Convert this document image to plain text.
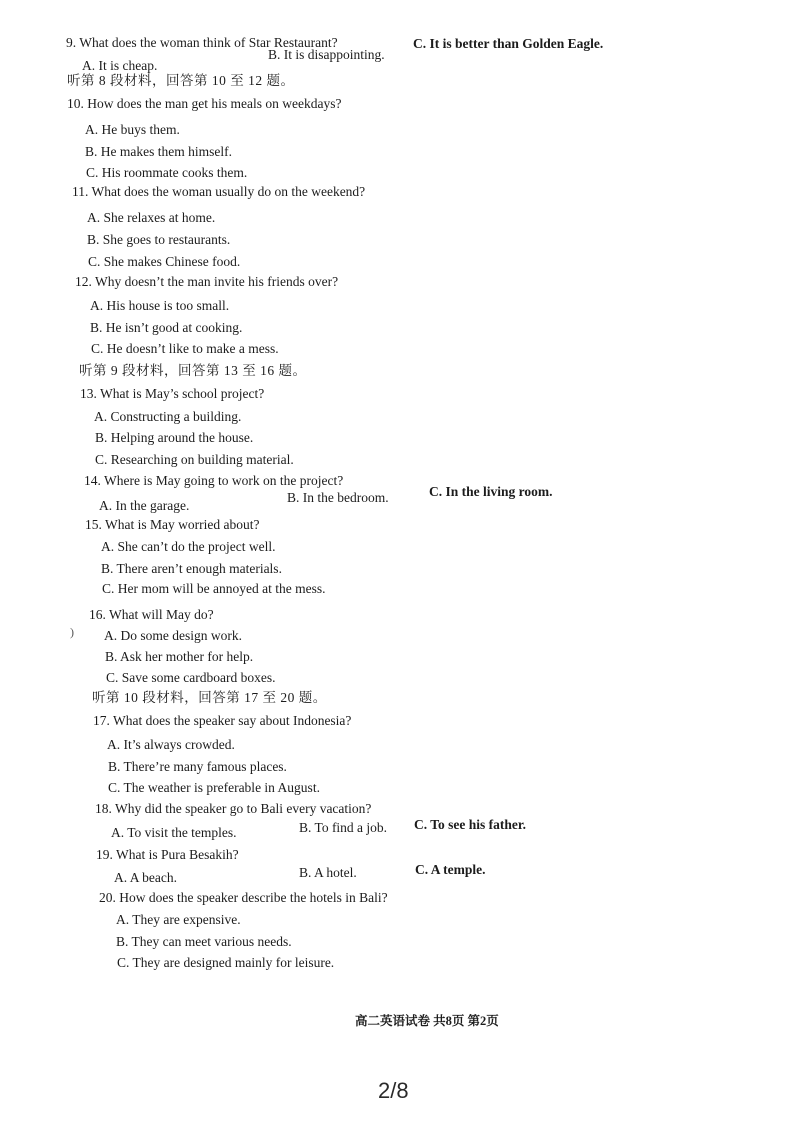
9. What does the woman think of Star Restaurant?
A. It is cheap.
B. It is disappointing.
C. It is better than Golden Eagle.
听第 8 段材料，回答第 10 至 12 题。
10. How does the man get his meals on weekdays?
A. He buys them.
B. He makes them himself.
C. His roommate cooks them.
11. What does the woman usually do on the weekend?
A. She relaxes at home.
B. She goes to restaurants.
C. She makes Chinese food.
12. Why doesn’t the man invite his friends over?
A. His house is too small.
B. He isn’t good at cooking.
C. He doesn’t like to make a mess.
听第 9 段材料，回答第 13 至 16 题。
13. What is May’s school project?
A. Constructing a building.
B. Helping around the house.
C. Researching on building material.
14. Where is May going to work on the project?
A. In the garage.
B. In the bedroom.	C. In the living room.
15. What is May worried about?
A. She can’t do the project well.
B. There aren’t enough materials.
C. Her mom will be annoyed at the mess.
16. What will May do?
) A. Do some design work.
B. Ask her mother for help.
C. Save some cardboard boxes.
听第 10 段材料，回答第 17 至 20 题。
17. What does the speaker say about Indonesia?
A. It’s always crowded.
B. There’re many famous places.
C. The weather is preferable in August.
18. Why did the speaker go to Bali every vacation?
A. To visit the temples.	B. To find a job. C. To see his father.
19. What is Pura Besakih?
A. A beach.	B. A hotel.	C. A temple.
20. How does the speaker describe the hotels in Bali?
A. They are expensive.
B. They can meet various needs.
C. They are designed mainly for leisure.
高二英语试卷 共8页 第2页
2/8
